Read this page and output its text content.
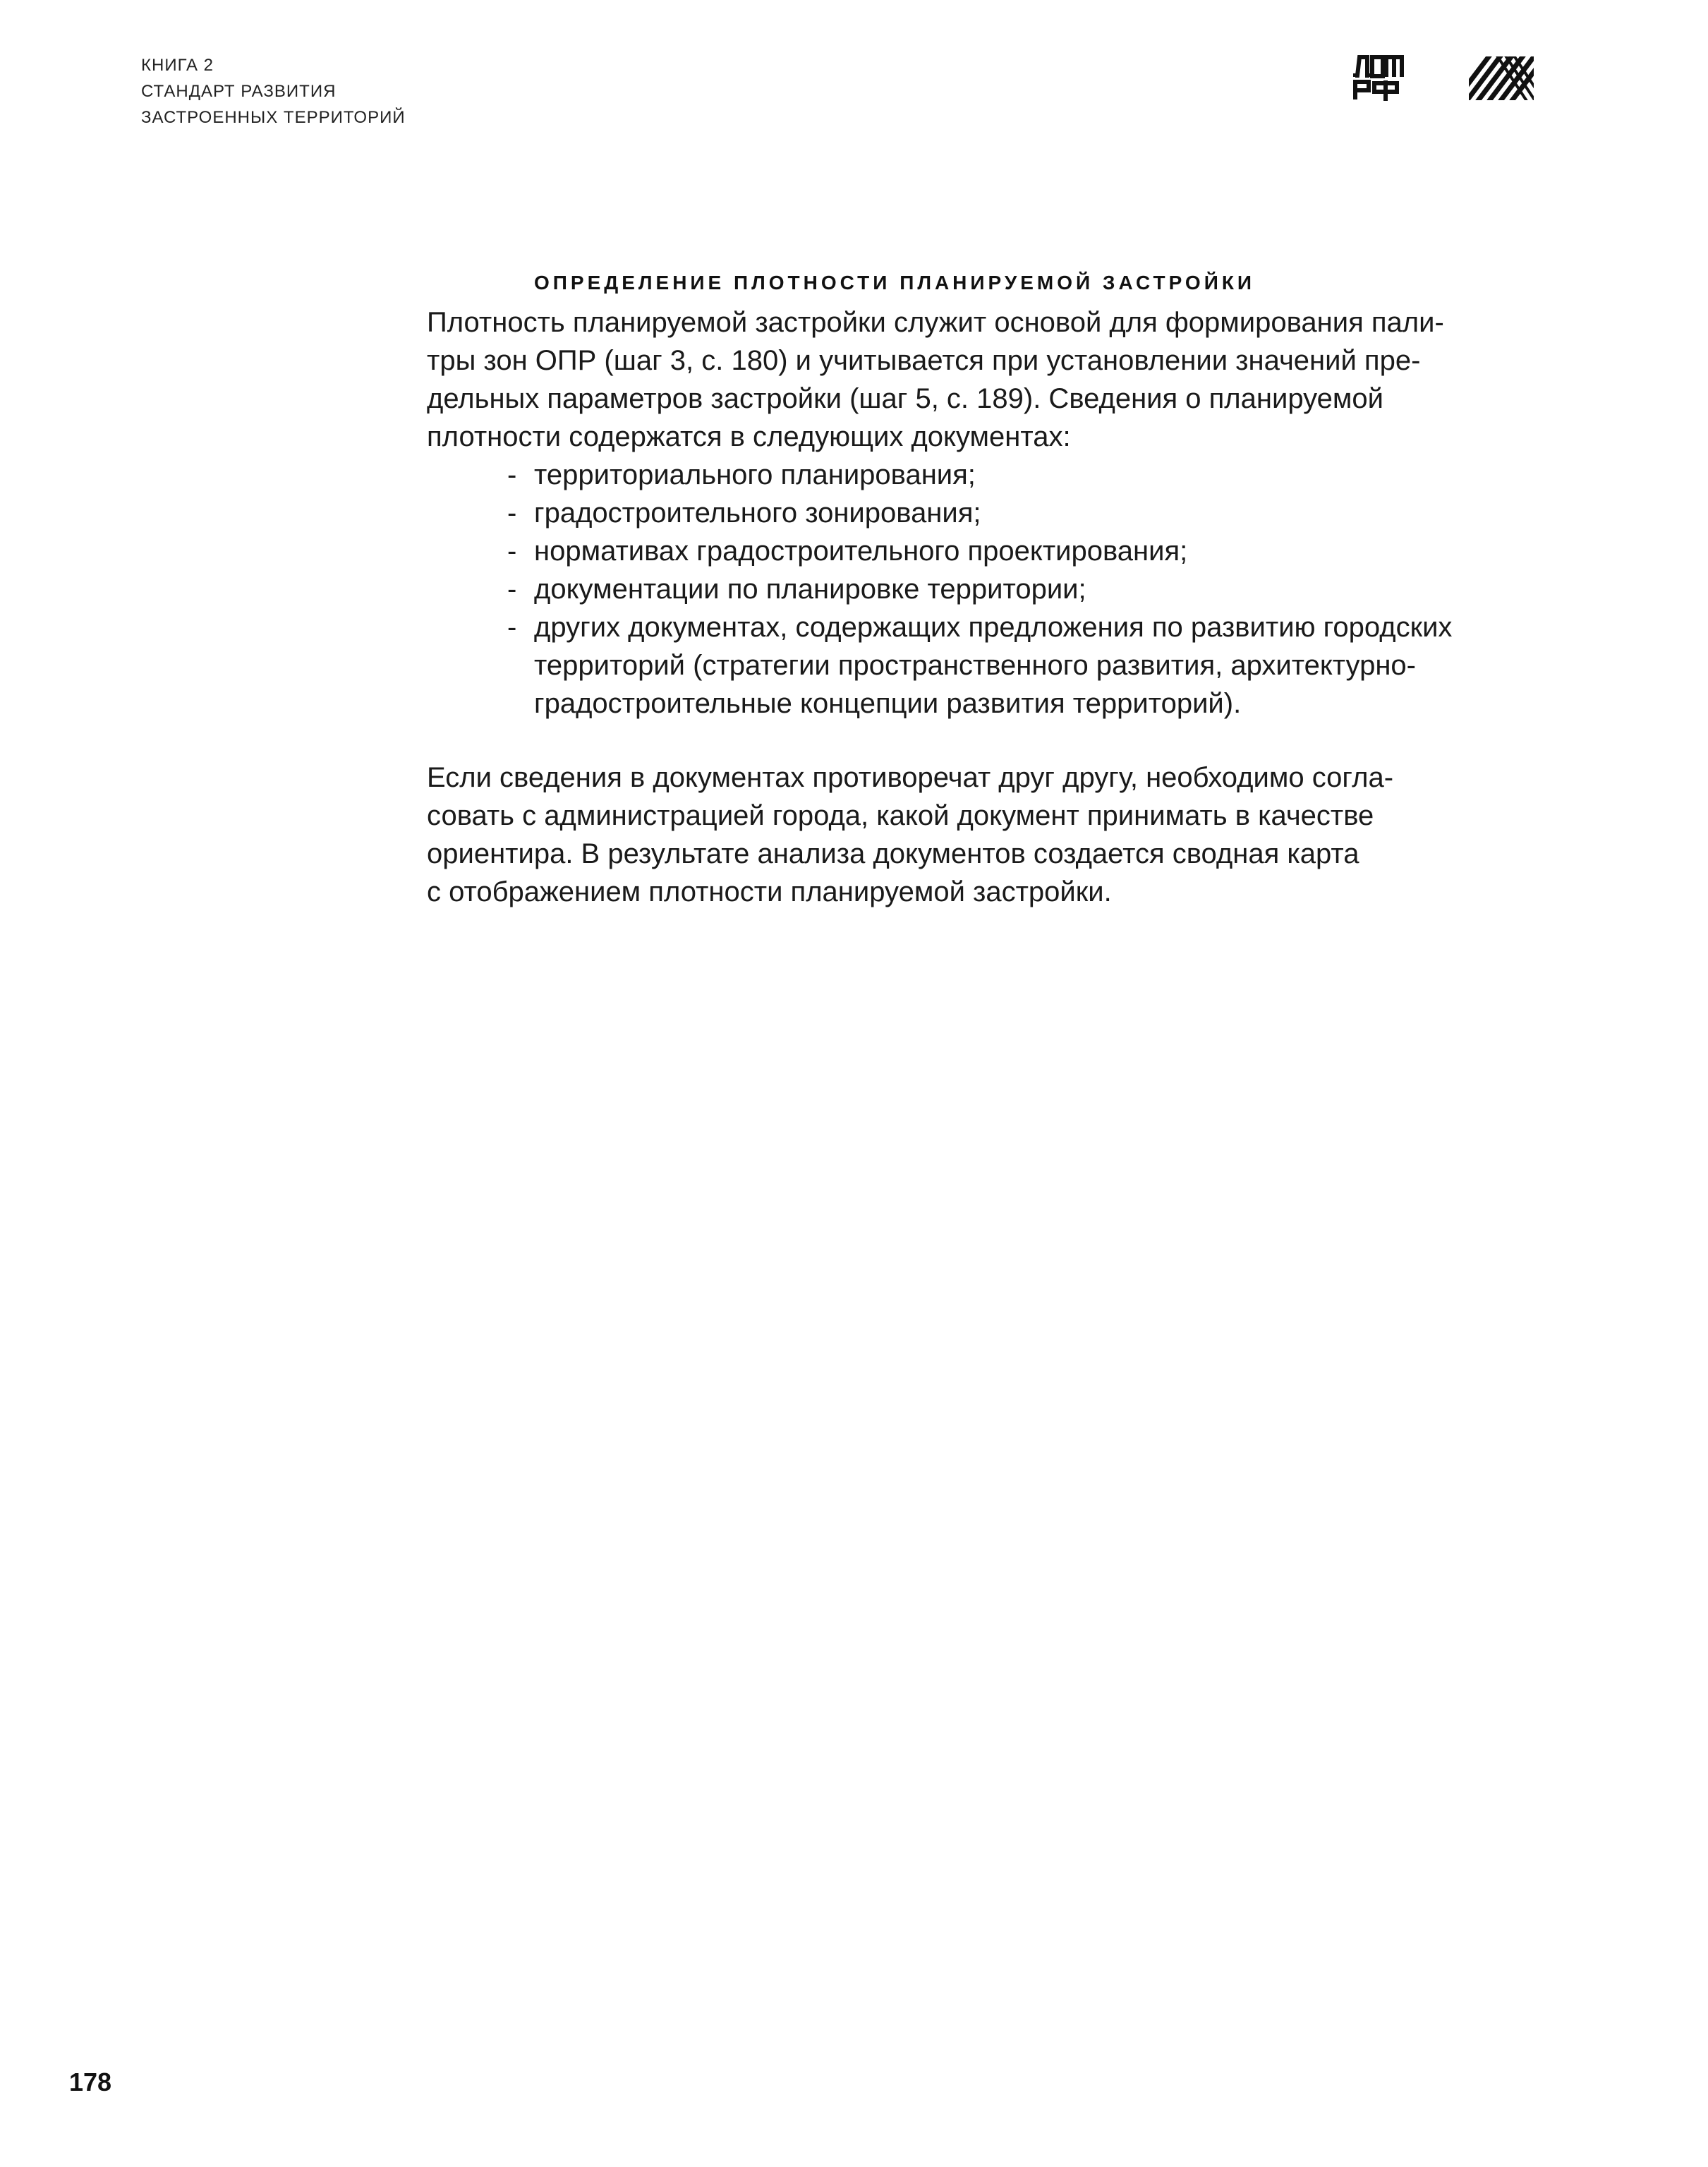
КНИГА 2
СТАНДАРТ РАЗВИТИЯ
ЗАСТРОЕННЫХ ТЕРРИТОРИЙ
ОПРЕДЕЛЕНИЕ ПЛОТНОСТИ ПЛАНИРУЕМОЙ ЗАСТРОЙКИ
Плотность планируемой застройки служит основой для формирования пали-
тры зон ОПР (шаг 3, с. 180) и учитывается при установлении значений пре-
дельных параметров застройки (шаг 5, с. 189). Сведения о планируемой
плотности содержатся в следующих документах:
- территориального планирования;
- градостроительного зонирования;
- нормативах градостроительного проектирования;
- документации по планировке территории;
- других документах, содержащих предложения по развитию городских
территорий (стратегии пространственного развития, архитектурно-
градостроительные концепции развития территорий).
Если сведения в документах противоречат друг другу, необходимо согла-
совать с администрацией города, какой документ принимать в качестве
ориентира. В результате анализа документов создается сводная карта
с отображением плотности планируемой застройки.
178
